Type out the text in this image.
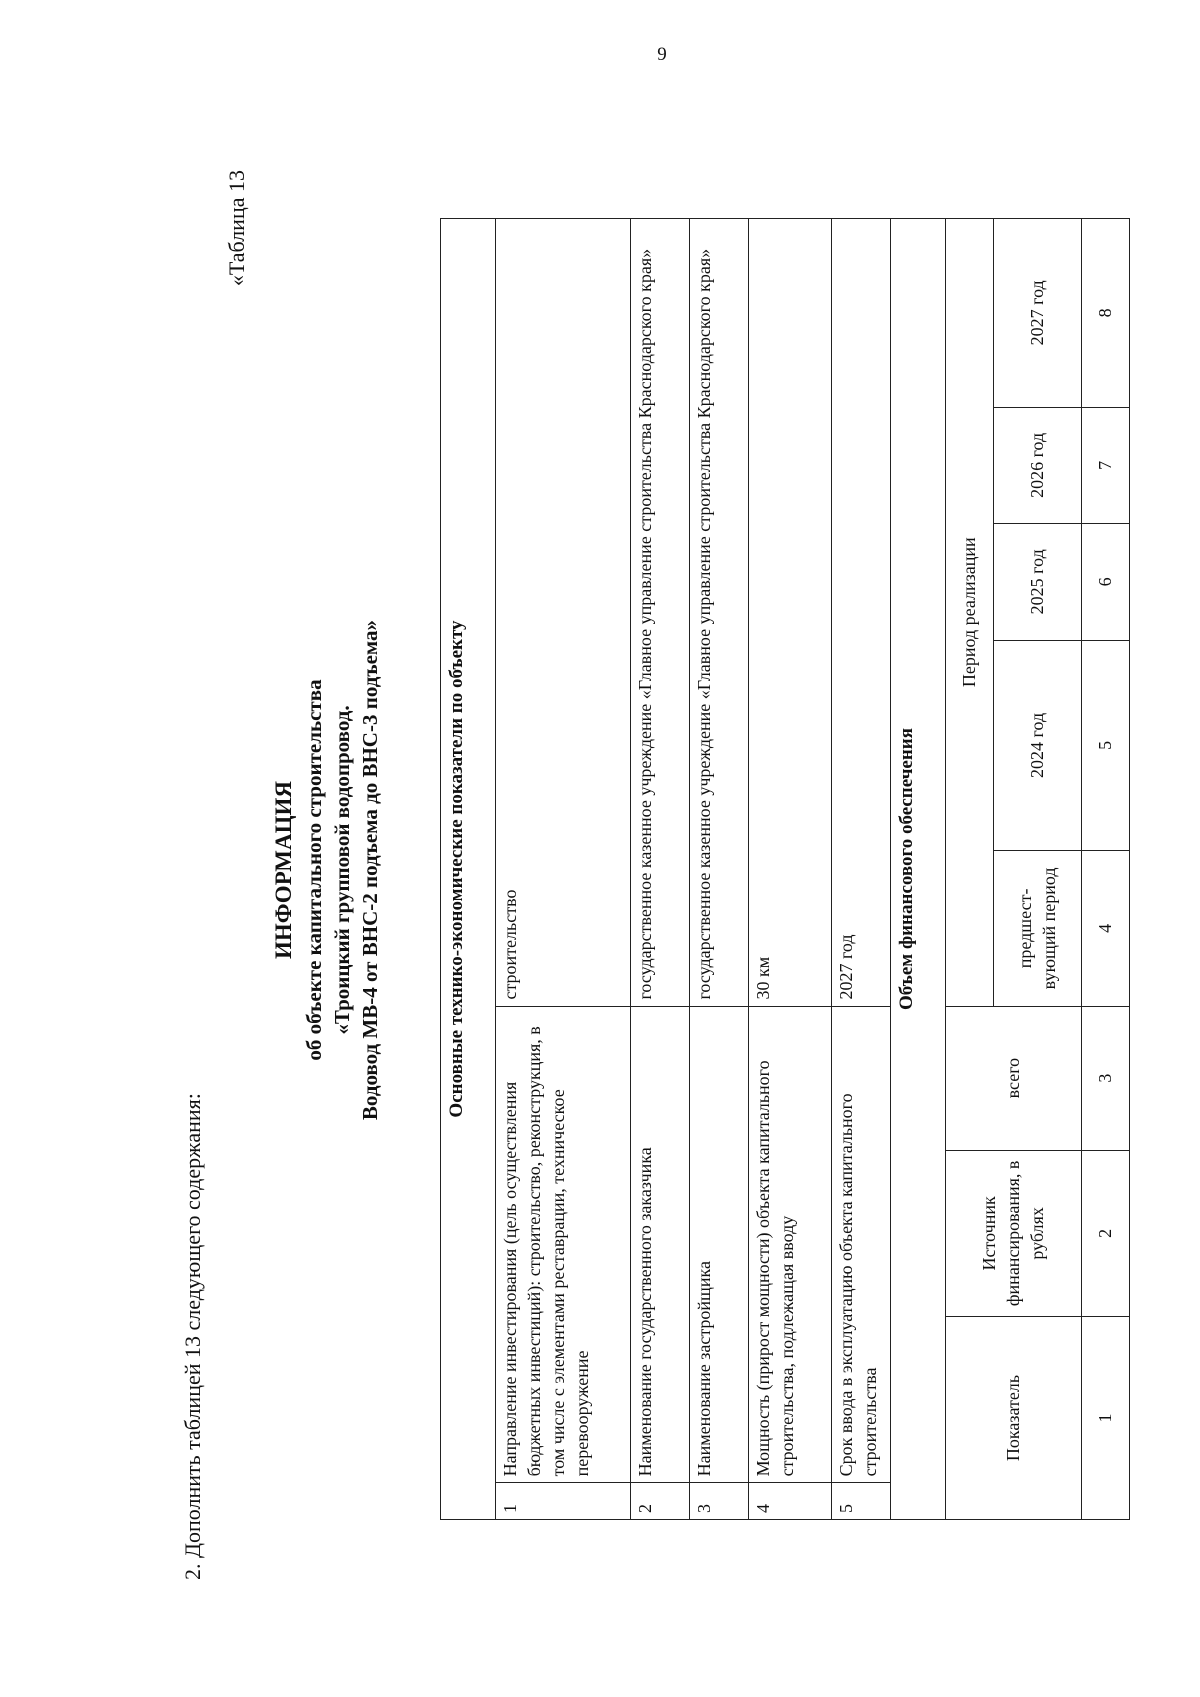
9
2. Дополнить таблицей 13 следующего содержания:
«Таблица 13
ИНФОРМАЦИЯ об объекте капитального строительства «Троицкий групповой водопровод. Водовод МВ-4 от ВНС-2 подъема до ВНС-3 подъема»	Основные технико-экономические показатели по объекту								
1	Направление инвестирования (цель осуществления бюджетных инвестиций): строительство, реконструкция, в том числе с элементами реставрации, техническое перевооружение			строительство				
2	Наименование государственного заказчика			государственное казенное учреждение «Главное управление строительства Краснодарского края»				
3	Наименование застройщика			государственное казенное учреждение «Главное управление строительства Краснодарского края»				
4	Мощность (прирост мощности) объекта капитального строительства, подлежащая вводу			30 км				
5	Срок ввода в эксплуатацию объекта капитального строительства			2027 год				
Объем финансового обеспечения								
Показатель		Источник финансирования, в рублях	всего	Период реализации				
				предшест-вующий период	2024 год	2025 год	2026 год	2027 год
1		2	3	4	5	6	7	8
